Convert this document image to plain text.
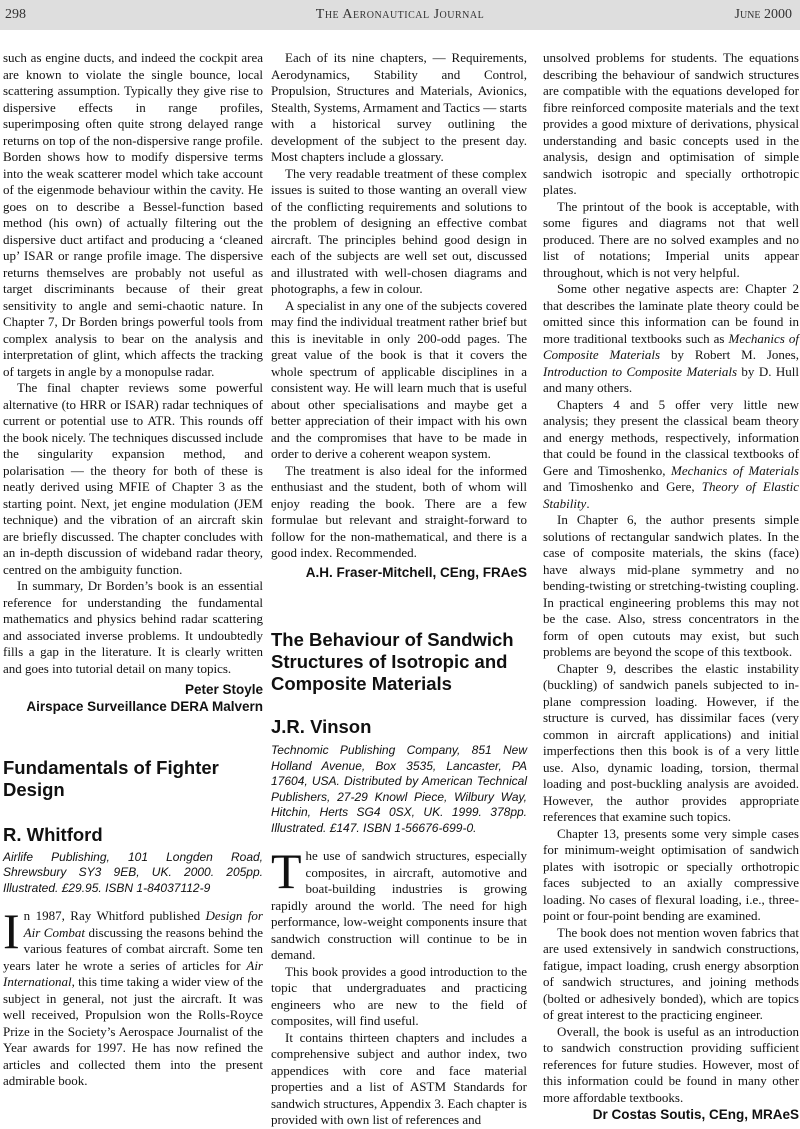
298	The Aeronautical Journal	June 2000

such as engine ducts, and indeed the cockpit area are known to violate the single bounce, local scattering assumption. Typically they give rise to dispersive effects in range profiles, superimposing often quite strong delayed range returns on top of the non-dispersive range profile. Borden shows how to modify dispersive terms into the weak scatterer model which take account of the eigenmode behaviour within the cavity. He goes on to describe a Bessel-function based method (his own) of actually filtering out the dispersive duct artifact and producing a ‘cleaned up’ ISAR or range profile image. The dispersive returns themselves are probably not useful as target discriminants because of their great sensitivity to angle and semi-chaotic nature. In Chapter 7, Dr Borden brings powerful tools from complex analysis to bear on the analysis and interpretation of glint, which affects the tracking of targets in angle by a monopulse radar.

The final chapter reviews some powerful alternative (to HRR or ISAR) radar techniques of current or potential use to ATR. This rounds off the book nicely. The techniques discussed include the singularity expansion method, and polarisation — the theory for both of these is neatly derived using MFIE of Chapter 3 as the starting point. Next, jet engine modulation (JEM technique) and the vibration of an aircraft skin are briefly discussed. The chapter concludes with an in-depth discussion of wideband radar theory, centred on the ambiguity function.

In summary, Dr Borden’s book is an essential reference for understanding the fundamental mathematics and physics behind radar scattering and associated inverse problems. It undoubtedly fills a gap in the literature. It is clearly written and goes into tutorial detail on many topics.

Peter Stoyle
Airspace Surveillance DERA Malvern
Fundamentals of Fighter Design
R. Whitford
Airlife Publishing, 101 Longden Road, Shrewsbury SY3 9EB, UK. 2000. 205pp. Illustrated. £29.95. ISBN 1-84037112-9

In 1987, Ray Whitford published Design for Air Combat discussing the reasons behind the various features of combat aircraft. Some ten years later he wrote a series of articles for Air International, this time taking a wider view of the subject in general, not just the aircraft. It was well received, Propulsion won the Rolls-Royce Prize in the Society’s Aerospace Journalist of the Year awards for 1997. He has now refined the articles and collected them into the present admirable book.

Each of its nine chapters, — Requirements, Aerodynamics, Stability and Control, Propulsion, Structures and Materials, Avionics, Stealth, Systems, Armament and Tactics — starts with a historical survey outlining the development of the subject to the present day. Most chapters include a glossary.

The very readable treatment of these complex issues is suited to those wanting an overall view of the conflicting requirements and solutions to the problem of designing an effective combat aircraft. The principles behind good design in each of the subjects are well set out, discussed and illustrated with well-chosen diagrams and photographs, a few in colour.

A specialist in any one of the subjects covered may find the individual treatment rather brief but this is inevitable in only 200-odd pages. The great value of the book is that it covers the whole spectrum of applicable disciplines in a consistent way. He will learn much that is useful about other specialisations and maybe get a better appreciation of their impact with his own and the compromises that have to be made in order to derive a coherent weapon system.

The treatment is also ideal for the informed enthusiast and the student, both of whom will enjoy reading the book. There are a few formulae but relevant and straight-forward to follow for the non-mathematical, and there is a good index. Recommended.

A.H. Fraser-Mitchell, CEng, FRAeS
The Behaviour of Sandwich Structures of Isotropic and Composite Materials
J.R. Vinson
Technomic Publishing Company, 851 New Holland Avenue, Box 3535, Lancaster, PA 17604, USA. Distributed by American Technical Publishers, 27-29 Knowl Piece, Wilbury Way, Hitchin, Herts SG4 0SX, UK. 1999. 378pp. Illustrated. £147. ISBN 1-56676-699-0.

The use of sandwich structures, especially composites, in aircraft, automotive and boat-building industries is growing rapidly around the world. The need for high performance, low-weight components insure that sandwich construction will continue to be in demand.

This book provides a good introduction to the topic that undergraduates and practicing engineers who are new to the field of composites, will find useful.

It contains thirteen chapters and includes a comprehensive subject and author index, two appendices with core and face material properties and a list of ASTM Standards for sandwich structures, Appendix 3. Each chapter is provided with own list of references and

unsolved problems for students. The equations describing the behaviour of sandwich structures are compatible with the equations developed for fibre reinforced composite materials and the text provides a good mixture of derivations, physical understanding and basic concepts used in the analysis, design and optimisation of simple sandwich isotropic and specially orthotropic plates.

The printout of the book is acceptable, with some figures and diagrams not that well produced. There are no solved examples and no list of notations; Imperial units appear throughout, which is not very helpful.

Some other negative aspects are: Chapter 2 that describes the laminate plate theory could be omitted since this information can be found in more traditional textbooks such as Mechanics of Composite Materials by Robert M. Jones, Introduction to Composite Materials by D. Hull and many others.

Chapters 4 and 5 offer very little new analysis; they present the classical beam theory and energy methods, respectively, information that could be found in the classical textbooks of Gere and Timoshenko, Mechanics of Materials and Timoshenko and Gere, Theory of Elastic Stability.

In Chapter 6, the author presents simple solutions of rectangular sandwich plates. In the case of composite materials, the skins (face) have always mid-plane symmetry and no bending-twisting or stretching-twisting coupling. In practical engineering problems this may not be the case. Also, stress concentrators in the form of open cutouts may exist, but such problems are beyond the scope of this textbook.

Chapter 9, describes the elastic instability (buckling) of sandwich panels subjected to in-plane compression loading. However, if the structure is curved, has dissimilar faces (very common in aircraft applications) and initial imperfections then this book is of a very little use. Also, dynamic loading, torsion, thermal loading and post-buckling analysis are avoided. However, the author provides appropriate references that examine such topics.

Chapter 13, presents some very simple cases for minimum-weight optimisation of sandwich plates with isotropic or specially orthotropic faces subjected to an axially compressive loading. No cases of flexural loading, i.e., three-point or four-point bending are examined.

The book does not mention woven fabrics that are used extensively in sandwich constructions, fatigue, impact loading, crush energy absorption of sandwich structures, and joining methods (bolted or adhesively bonded), which are topics of great interest to the practicing engineer.

Overall, the book is useful as an introduction to sandwich construction providing sufficient references for future studies. However, most of this information could be found in many other more affordable textbooks.

Dr Costas Soutis, CEng, MRAeS
